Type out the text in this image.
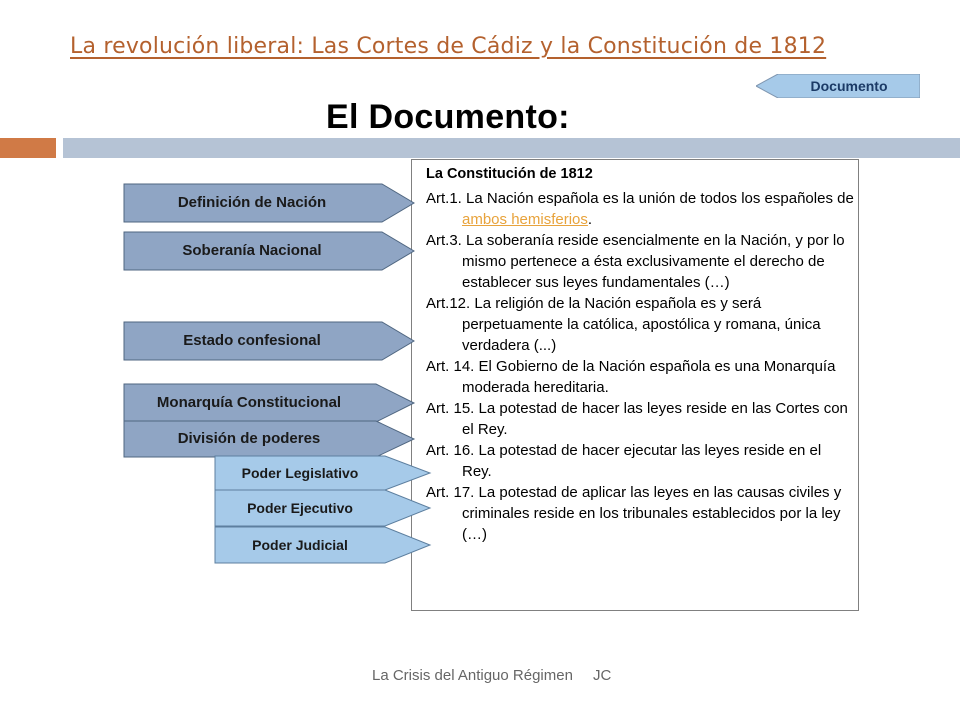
La revolución liberal: Las Cortes de Cádiz y la Constitución de 1812
Documento
El Documento:
La Constitución de 1812
Art.1. La Nación española es la unión de todos los españoles de ambos hemisferios.
Art.3. La soberanía reside esencialmente en la Nación, y por lo mismo pertenece a ésta exclusivamente el derecho de establecer sus leyes fundamentales (…)
Art.12. La religión de la Nación española es y será perpetuamente la católica, apostólica y romana, única verdadera (...)
Art. 14. El Gobierno de la Nación española es una Monarquía moderada hereditaria.
Art. 15. La potestad de hacer las leyes reside en las Cortes con el Rey.
Art. 16. La potestad de hacer ejecutar las leyes reside en el Rey.
Art. 17. La potestad de aplicar las leyes en las causas civiles y criminales reside en los tribunales establecidos por la ley (…)
Definición de Nación
Soberanía Nacional
Estado confesional
Monarquía Constitucional
División de poderes
Poder Legislativo
Poder Ejecutivo
Poder Judicial
La Crisis del Antiguo Régimen JC
